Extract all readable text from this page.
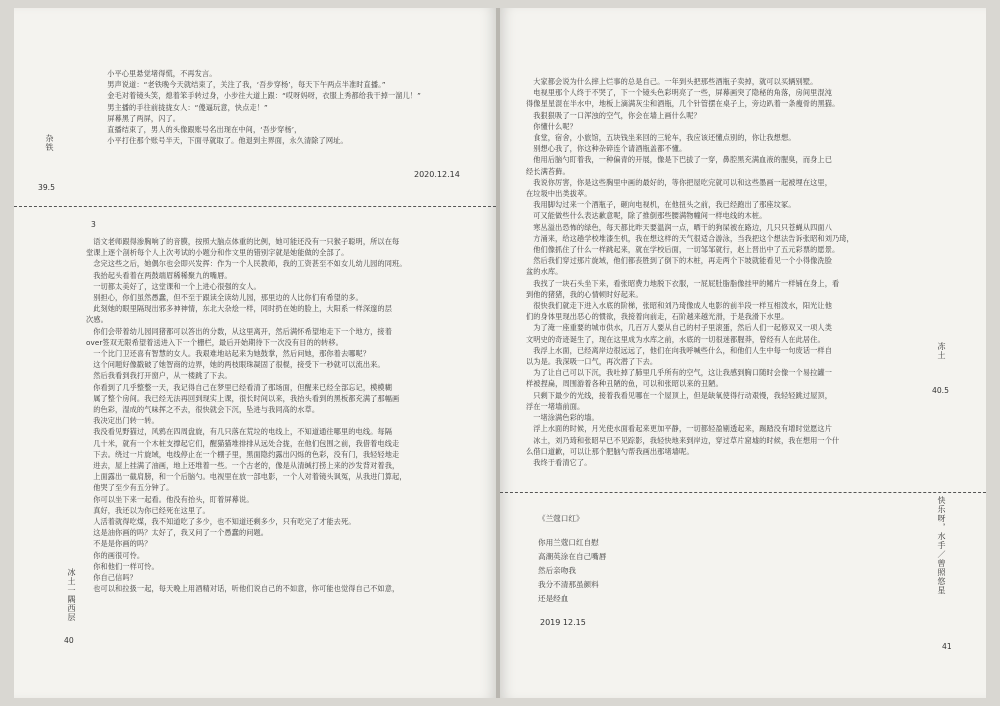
小平心里悬觉堵得慌，不再发言。

男声说道：“老铁晚今天就结束了，关注了我，‘吾步穿杨’，每天下午两点半准时直播。”

金毛对着镜头笑，熄着笨手转过身，小步往大道上跟：“哎呀妈呀，衣服上秀都给我干掉一溜儿！”

男主播的手往前拢拢女人：“傻逼玩意，快点走！”

屏幕黑了两屏，闪了。

直播结束了，男人的头像跟账号名出现在中间，‘吾步穿杨’，

小平打住那个账号半天，下面寻就取了。他退到主界面，永久清除了网址。

杂铁
39.5
2020.12.14
3

语文老师跟得渗胸响了的音膜，按照大脑点体重的比例，她可能还没有一只猴子聪明，所以在每

堂课上逐个剖析每个人上次考试的小题分和作文里的错别字就是她能做的全部了。

念完这些之后，她偶尔也会即兴发挥：作为一个人民教师，我的工资甚至不如女儿幼儿园的同班。

我抬起头看着在两鼓端眉稀稀聚九的嘴唇。

一切都太美好了，这堂课和一个上进心很强的女人。

别担心，你们虽然愚蠢，但不至于跟读全读幼儿园，那里边的人比你们有希望的多。

此刻她的眼里隔现出邪多神神情，东北大杂烩一样，同时扔在她的脸上，大阳系一样深邃的层

次感。

你们会带着幼儿园同猪都可以答出的分数，从这里离开，然后满怀希望地走下一个地方，接着

over签双无限希望着送进入下一个栅栏，最后开始期待下一次没有目的的转移。

一个比门卫还喜有智慧的女人。我艰难地站起来为她鼓掌，然后问她，那你着去哪呢？

这个问题好像戳破了她智商的边界，她的两枝眼珠凝固了很棍，接受下一秒就可以流出来。

然后我看到我打开窗户，从一楼跳了下去。

你看到了几乎整整一天，我记得自己在梦里已经看清了那场面，但醒来已经全部忘记，模模糊

属了整个房间。我已经无法再回到现实上课，很长时间以来，我抬头看到的黑板都充满了那幅画

的色彩，湿成的气味挥之不去，很快就会下沉，坠进与我同高的水草。

我决定出门转一转。

我没看见野猫过，风鸦在四周盘旋，有几只落在荒垃的电线上，不知道通往哪里的电线。每隔

几十米，就有一个木桩支撑起它们，醒猫猫堆排排从远处合拢，在他们包围之前，我借着电线走

下去。绕过一片旋域，电线停止在一个棚子里，黑面隐约露出闪烁的色彩，没有门，我轻轻地走

进去，屋上挂满了油画，地上还堆着一些。一个古老的，像是从清缄打捞上来的沙发背对着我，

上面露出一截肩膀，和一个后脑勺。电视里在放一部电影，一个人对着镜头讽冤，从我进门算起，

他哭了至少有五分钟了。

你可以坐下来一起看。他没有抬头，盯着屏幕说。

真好，我还以为你已经死在这里了。

人活着就得吃煤，我不知道吃了多少，也不知道还剩多少，只有吃完了才能去死。

这是油你画的吗？太好了，我又问了一个愚蠢的问题。

不是是你画的吗？

你的画很可怜。

你和他们一样可怜。

你自己信吗？

也可以和拉扱一起，每天晚上用酒精对话，听他们说自己的不如意，你可能也觉得自己不如意，

冰土一隅西层
40

大家都会说为什么摔上烂事的总是自己。一年到头把那些酒瓶子卖掉，就可以买辆别墅。

电视里那个人终于不哭了，下一个镜头色彩明亮了一些，屏幕画突了隐秘的角落，房间里混沌

得像星星混在半水中，地板上滴满灰尘和酒瓶，几个针管摆在桌子上，旁边趴着一条瘦骨的黑猫。

我狠狠吸了一口浑浊的空气，你会在墙上画什么呢？

你懂什么呢？

食堂，宿舍，小旅馆，五块钱坐来回的三轮车，我应该还懂点别的，你让我想想。

别想心我了，你这种杂碎连个请酒瓶盖都不懂。

他用后脑勺盯着我，一种偏青的开展，像是下巴拔了一穿，鼻腔黑充满血液的腥臭，而身上已

经长满苔藓。

我说你厉害，你是这些胸里中画的最好的，等你把屋吃完就可以和这些墨画一起被埋在这里，

在垃圾中出类拔萃。

我用脚勾过来一个酒瓶子，砸向电视机，在他扭头之前，我已经跑出了那座坟冢。

可又能做些什么表达歉意呢，除了推倒那些腰满物幢间一样电线的木桩。

寒丛溢出恐怖的绿色，每天都比昨天要温润一点，晒干的狗屎被在路边，几只只苍蝇从四面八

方涌来，给这趟学校堆漆生机，我在想这样的天气很适合游泳，当我把这个想法告诉张昭和刘乃琦，

他们像抓住了什么一样跳起来，就在学校后面，一切邹邹就行，赵上晋出中了五元彩票的愿景。

然后我们穿过那片旋域，他们都丧胜到了倒下的木桩，再走两个下坡就能看见一个小得像洗脸

盆的水库。

我找了一块石头坐下来，看张昭费力地脱下衣服，一屁屁肚脂脂像挂甲的鳍片一样铺在身上，看

到他的猪猪，我的心情顿时好起来。

很快我们就走下进入水底的阶梯，张昭和刘乃琦像成人电影的前半段一样互相泼水，阳光让他

们的身体里现出恶心的惯欲，我接着向前走，石阶越来越光滑，于是我滑下水里。

为了淹一座重要的城市供水，几百万人要从自己的村子里滚蛋，然后人们一起修双又一项人类

文明史的奇迹诞生了，现在这里成为水库之前，水底的一切很迷都腥莽，曾经有人在此居住。

我浮上水面，已经离岸边很远远了，他们在向我呼喊些什么，和他们人生中每一句废话一样自

以为是。我深吸一口气，再次潜了下去。

为了让自己可以下沉，我吐掉了肺里几乎所有的空气，这让我感到胸口随时会像一个易拉罐一

样被捏扁，周围游着各种丑陋的鱼，可以和张昭以来的丑陋。

只剩下最少的光线，接着我看见哪在一个屋顶上，但是缺氧使得行动艰慢，我轻轻跳过屋顶，

浮在一堵墙前面。

一堵涂满色彩的墙。

浮上水面的时候，月光使水面看起来更加平静，一切都轻盈剔透起来，踢踏没有增时觉愿这片

冰土，刘乃琦和张昭早已不见踪影，我轻快地来到岸边，穿过草片窟墟的时候，我在想用一个什

么借口道歉，可以让那个肥脑勺帮我画出那堵墙呢。

我终于看清它了。

《兰蔻口红》
你用兰蔻口红自慰
高潮英涂在自己嘴唇
然后亲吻我
我分不清那虽颜料
还是经血
2019 12.15
冻土
40.5
快乐呀，水手／曾照悠星
41
